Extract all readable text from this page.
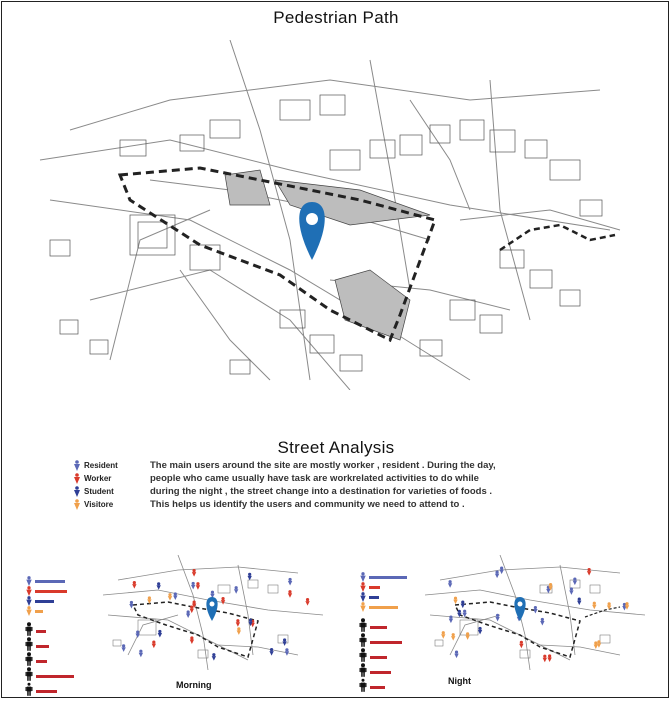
Pedestrian Path
Street Analysis
Resident
Worker
Student
Visitore
The main users around the site are mostly worker , resident . During the day,
people who came usually have task are workrelated activities to do while
during the night , the street change into a destination for varieties of foods .
This helps us identify the users and community we need to attend to .
Morning	Night
